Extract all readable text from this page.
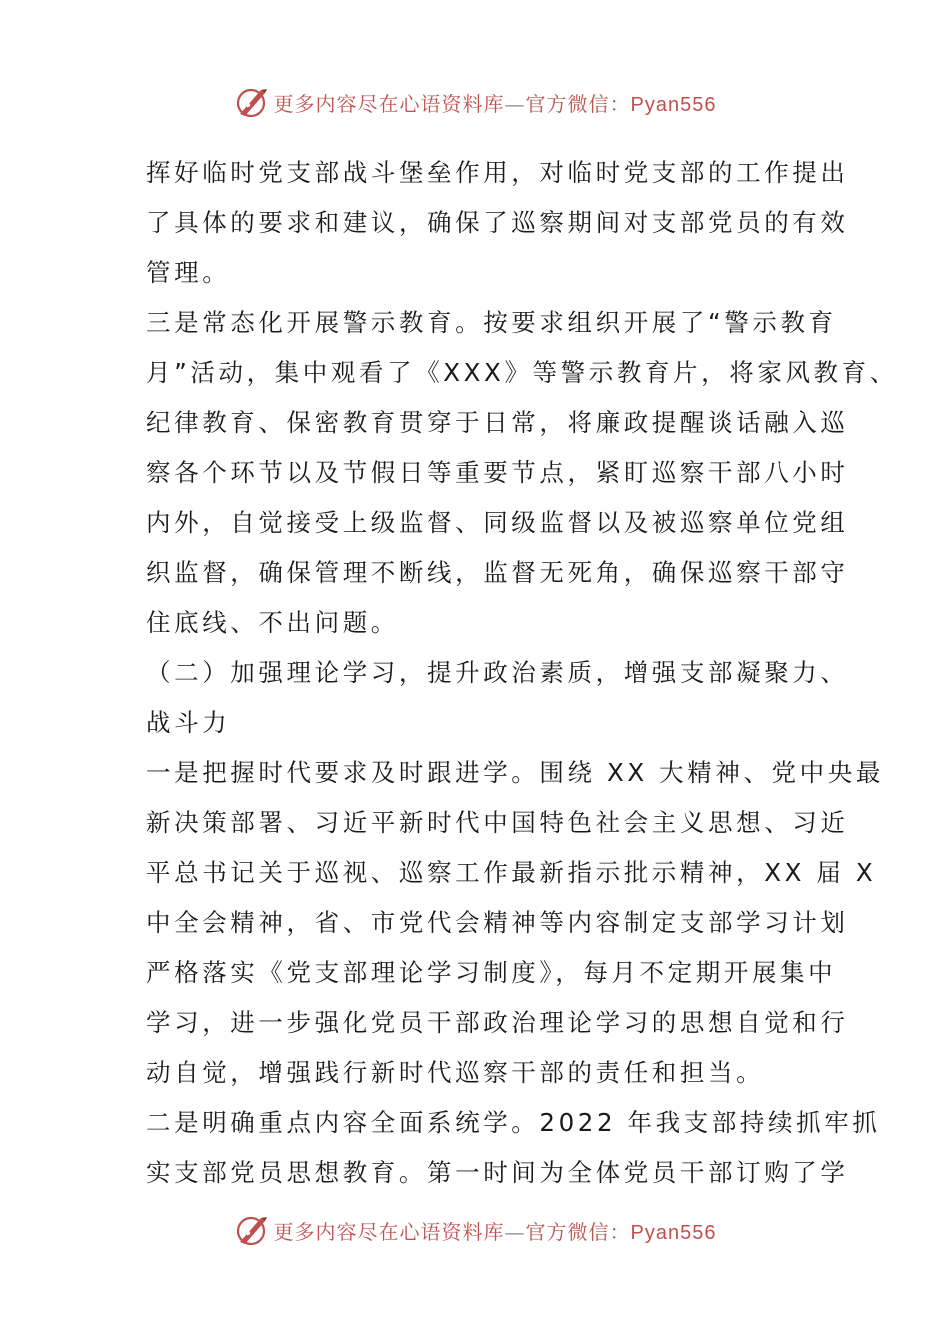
更多内容尽在心语资料库—官方微信：Pyan556
挥好临时党支部战斗堡垒作用，对临时党支部的工作提出
了具体的要求和建议，确保了巡察期间对支部党员的有效
管理。
三是常态化开展警示教育。按要求组织开展了“警示教育
月”活动，集中观看了《XXX》等警示教育片，将家风教育、
纪律教育、保密教育贯穿于日常，将廉政提醒谈话融入巡
察各个环节以及节假日等重要节点，紧盯巡察干部八小时
内外，自觉接受上级监督、同级监督以及被巡察单位党组
织监督，确保管理不断线，监督无死角，确保巡察干部守
住底线、不出问题。
（二）加强理论学习，提升政治素质，增强支部凝聚力、
战斗力
一是把握时代要求及时跟进学。围绕 XX 大精神、党中央最
新决策部署、习近平新时代中国特色社会主义思想、习近
平总书记关于巡视、巡察工作最新指示批示精神，XX 届 X
中全会精神，省、市党代会精神等内容制定支部学习计划
严格落实《党支部理论学习制度》，每月不定期开展集中
学习，进一步强化党员干部政治理论学习的思想自觉和行
动自觉，增强践行新时代巡察干部的责任和担当。
二是明确重点内容全面系统学。2022 年我支部持续抓牢抓
实支部党员思想教育。第一时间为全体党员干部订购了学
更多内容尽在心语资料库—官方微信：Pyan556
